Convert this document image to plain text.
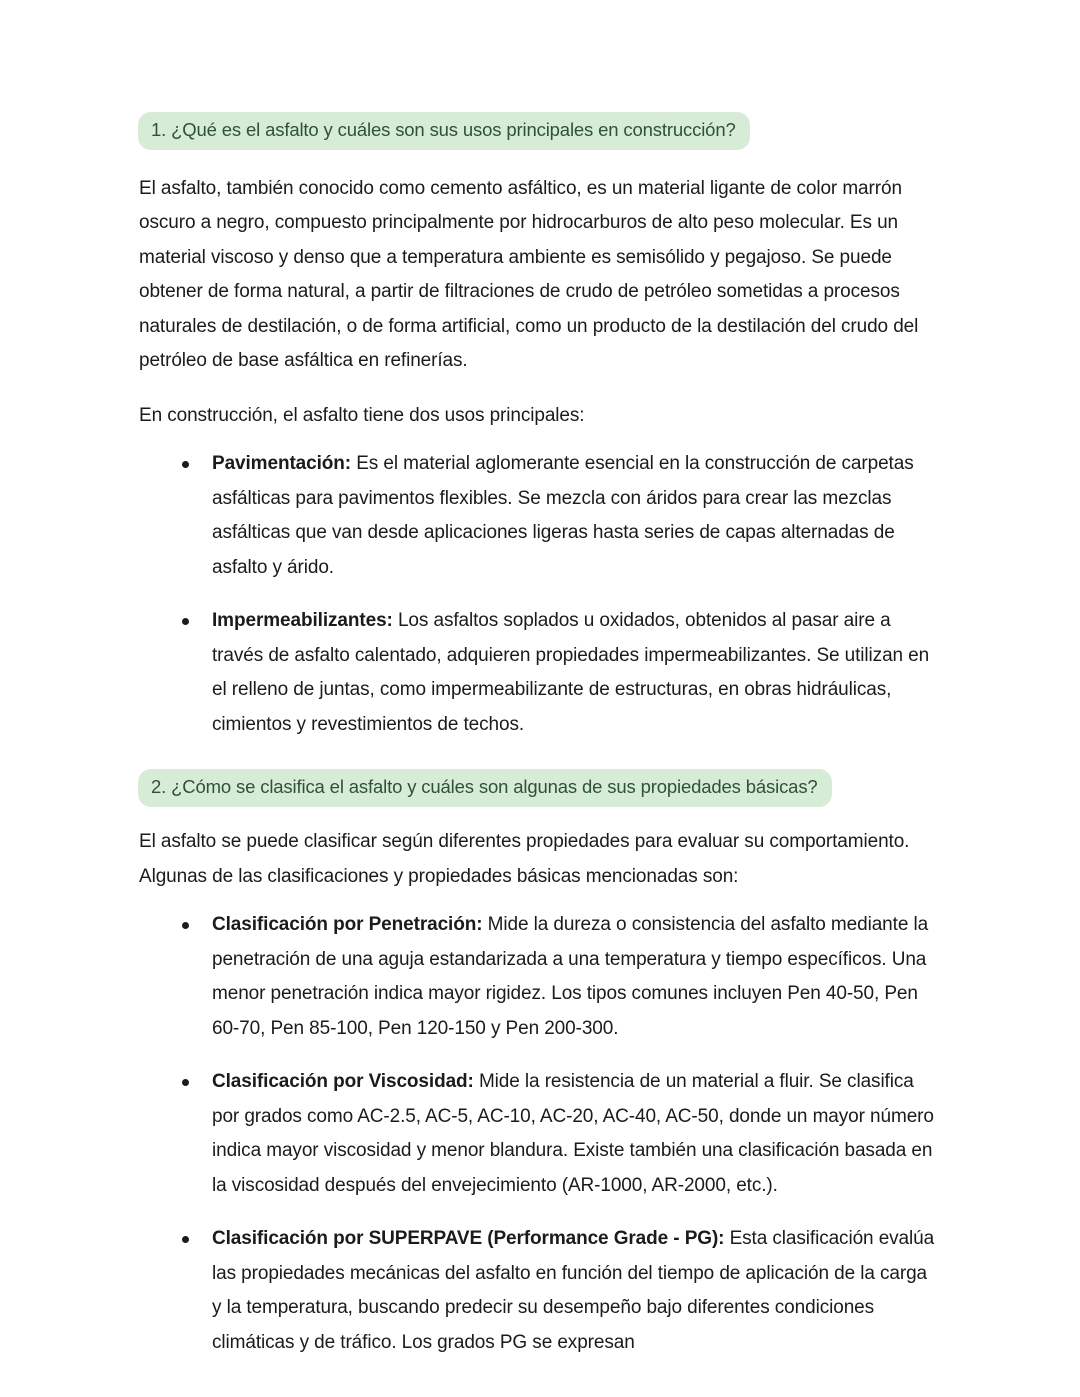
1. ¿Qué es el asfalto y cuáles son sus usos principales en construcción?

El asfalto, también conocido como cemento asfáltico, es un material ligante de color marrón oscuro a negro, compuesto principalmente por hidrocarburos de alto peso molecular. Es un material viscoso y denso que a temperatura ambiente es semisólido y pegajoso. Se puede obtener de forma natural, a partir de filtraciones de crudo de petróleo sometidas a procesos naturales de destilación, o de forma artificial, como un producto de la destilación del crudo del petróleo de base asfáltica en refinerías.

En construcción, el asfalto tiene dos usos principales:

Pavimentación: Es el material aglomerante esencial en la construcción de carpetas asfálticas para pavimentos flexibles. Se mezcla con áridos para crear las mezclas asfálticas que van desde aplicaciones ligeras hasta series de capas alternadas de asfalto y árido.
Impermeabilizantes: Los asfaltos soplados u oxidados, obtenidos al pasar aire a través de asfalto calentado, adquieren propiedades impermeabilizantes. Se utilizan en el relleno de juntas, como impermeabilizante de estructuras, en obras hidráulicas, cimientos y revestimientos de techos.
2. ¿Cómo se clasifica el asfalto y cuáles son algunas de sus propiedades básicas?

El asfalto se puede clasificar según diferentes propiedades para evaluar su comportamiento. Algunas de las clasificaciones y propiedades básicas mencionadas son:

Clasificación por Penetración: Mide la dureza o consistencia del asfalto mediante la penetración de una aguja estandarizada a una temperatura y tiempo específicos. Una menor penetración indica mayor rigidez. Los tipos comunes incluyen Pen 40-50, Pen 60-70, Pen 85-100, Pen 120-150 y Pen 200-300.
Clasificación por Viscosidad: Mide la resistencia de un material a fluir. Se clasifica por grados como AC-2.5, AC-5, AC-10, AC-20, AC-40, AC-50, donde un mayor número indica mayor viscosidad y menor blandura. Existe también una clasificación basada en la viscosidad después del envejecimiento (AR-1000, AR-2000, etc.).
Clasificación por SUPERPAVE (Performance Grade - PG): Esta clasificación evalúa las propiedades mecánicas del asfalto en función del tiempo de aplicación de la carga y la temperatura, buscando predecir su desempeño bajo diferentes condiciones climáticas y de tráfico. Los grados PG se expresan
